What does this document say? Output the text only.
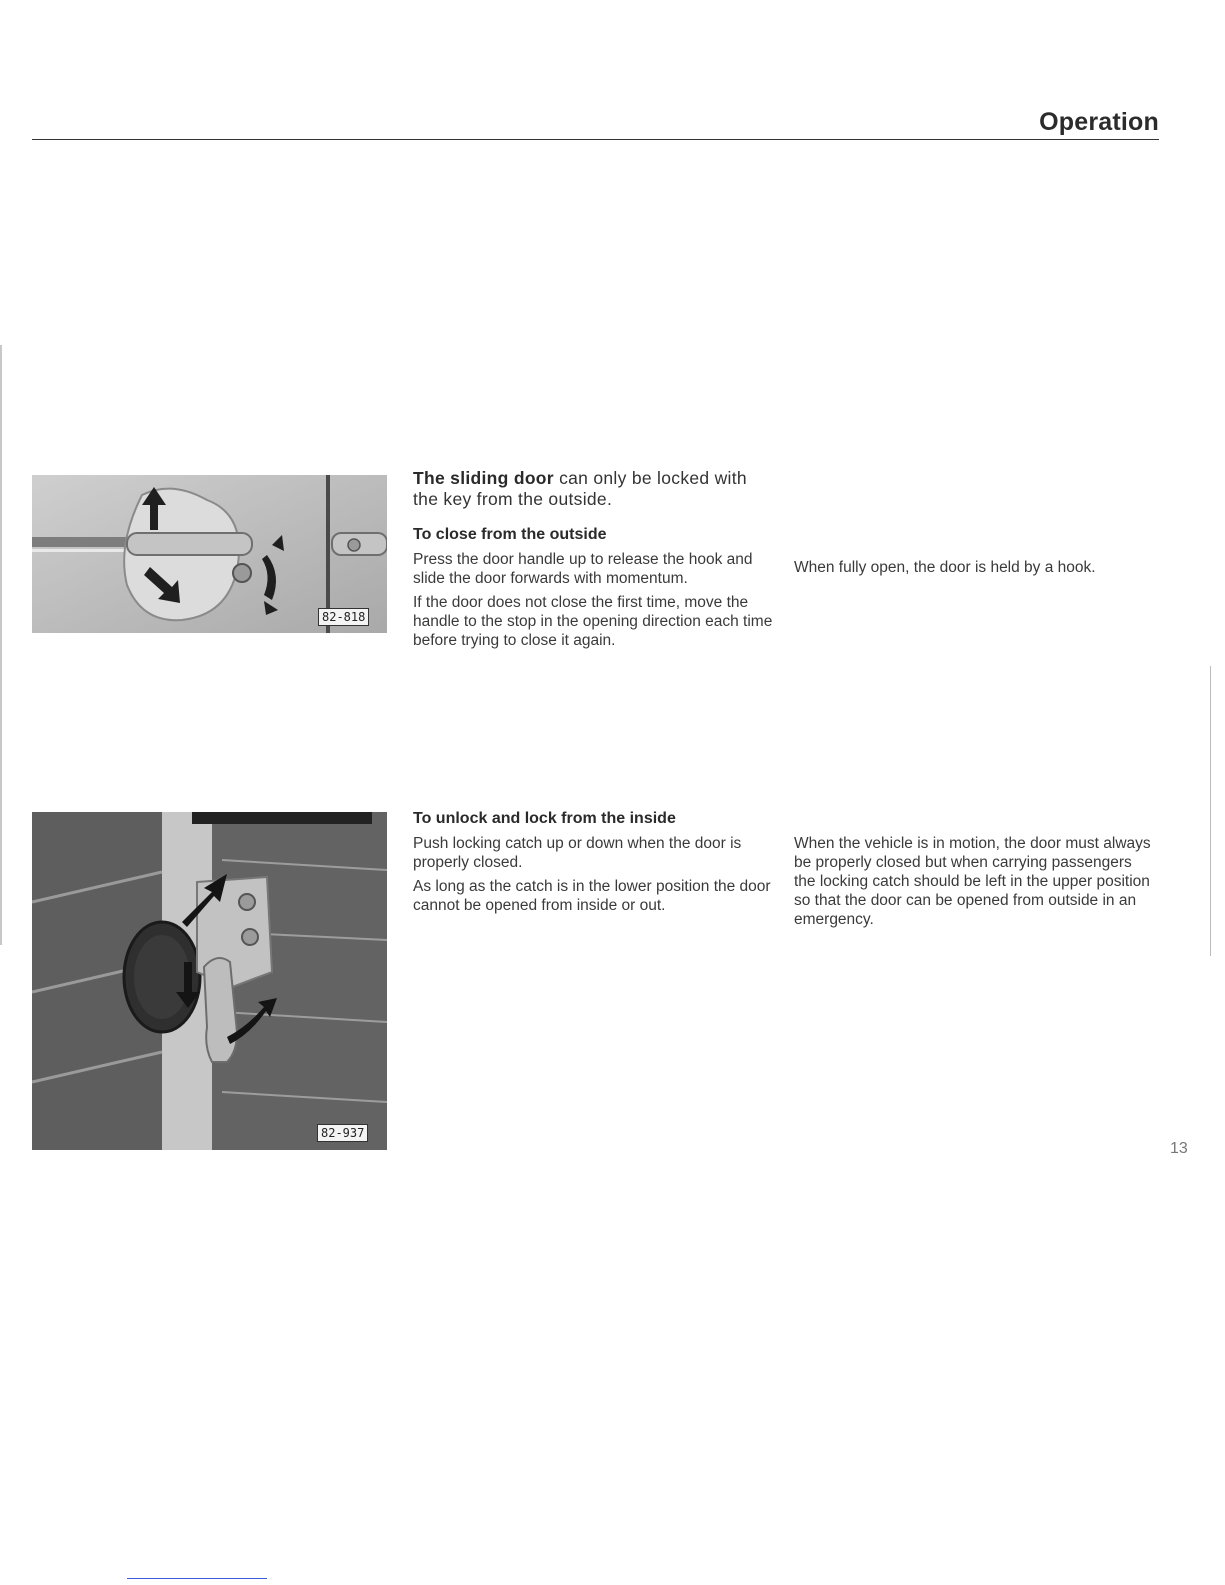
Operation
82-818

The sliding door can only be locked with the key from the outside.

To close from the outside

Press the door handle up to release the hook and slide the door forwards with momentum.

If the door does not close the first time, move the handle to the stop in the opening direction each time before trying to close it again.

When fully open, the door is held by a hook.

82-937

To unlock and lock from the inside

Push locking catch up or down when the door is properly closed.

As long as the catch is in the lower position the door cannot be opened from inside or out.

When the vehicle is in motion, the door must always be properly closed but when carrying passengers the locking catch should be left in the upper position so that the door can be opened from outside in an emergency.

13
